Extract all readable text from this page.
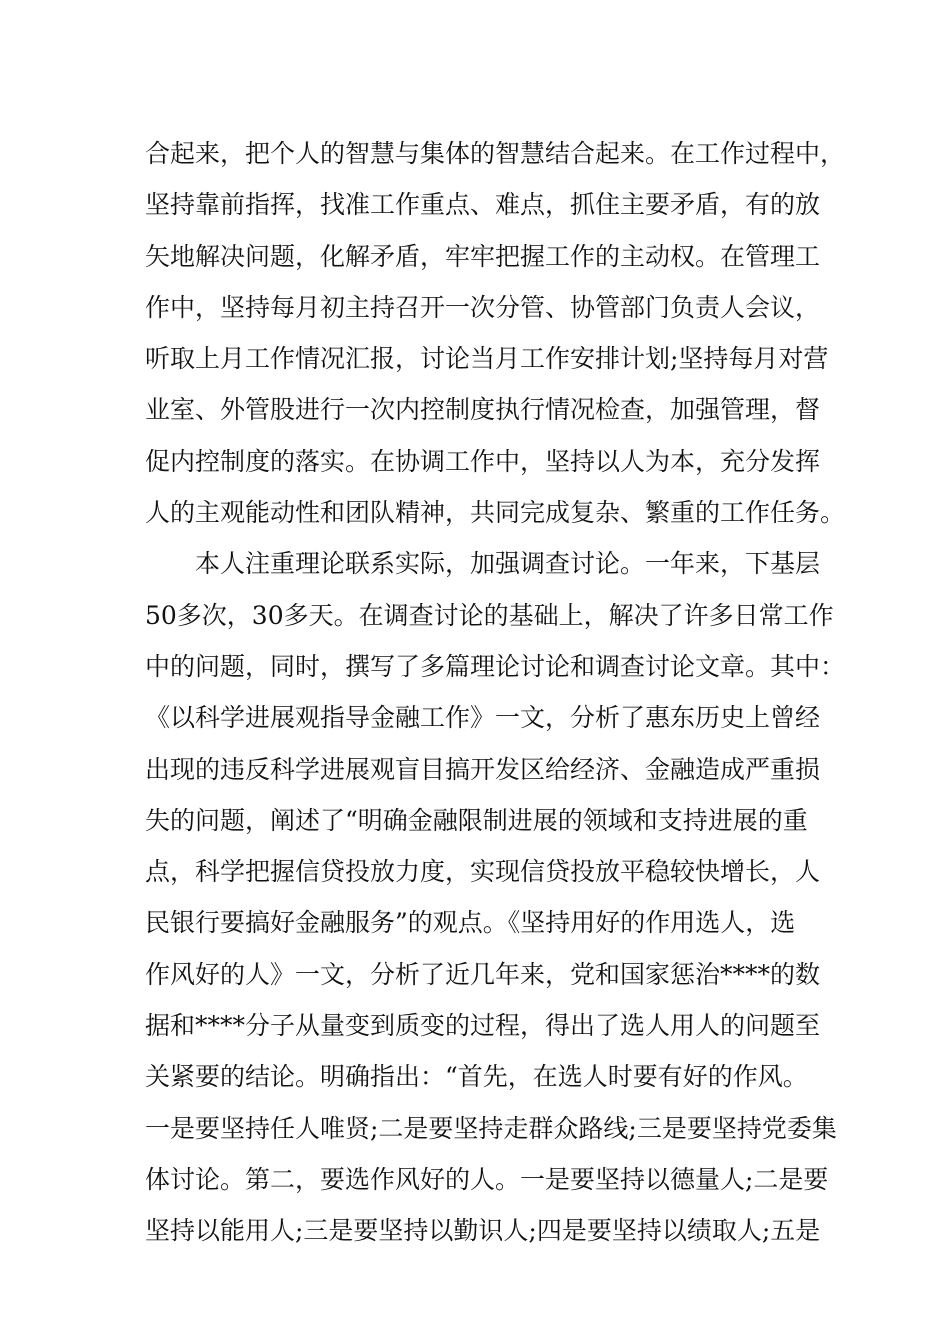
合起来，把个人的智慧与集体的智慧结合起来。在工作过程中，
坚持靠前指挥，找准工作重点、难点，抓住主要矛盾，有的放
矢地解决问题，化解矛盾，牢牢把握工作的主动权。在管理工
作中，坚持每月初主持召开一次分管、协管部门负责人会议，
听取上月工作情况汇报，讨论当月工作安排计划;坚持每月对营
业室、外管股进行一次内控制度执行情况检查，加强管理，督
促内控制度的落实。在协调工作中，坚持以人为本，充分发挥
人的主观能动性和团队精神，共同完成复杂、繁重的工作任务。
　　本人注重理论联系实际，加强调查讨论。一年来，下基层
50多次，30多天。在调查讨论的基础上，解决了许多日常工作
中的问题，同时，撰写了多篇理论讨论和调查讨论文章。其中：
《以科学进展观指导金融工作》一文，分析了惠东历史上曾经
出现的违反科学进展观盲目搞开发区给经济、金融造成严重损
失的问题，阐述了“明确金融限制进展的领域和支持进展的重
点，科学把握信贷投放力度，实现信贷投放平稳较快增长，人
民银行要搞好金融服务”的观点。《坚持用好的作用选人，选
作风好的人》一文，分析了近几年来，党和国家惩治****的数
据和****分子从量变到质变的过程，得出了选人用人的问题至
关紧要的结论。明确指出：“首先，在选人时要有好的作风。
一是要坚持任人唯贤;二是要坚持走群众路线;三是要坚持党委集
体讨论。第二，要选作风好的人。一是要坚持以德量人;二是要
坚持以能用人;三是要坚持以勤识人;四是要坚持以绩取人;五是
